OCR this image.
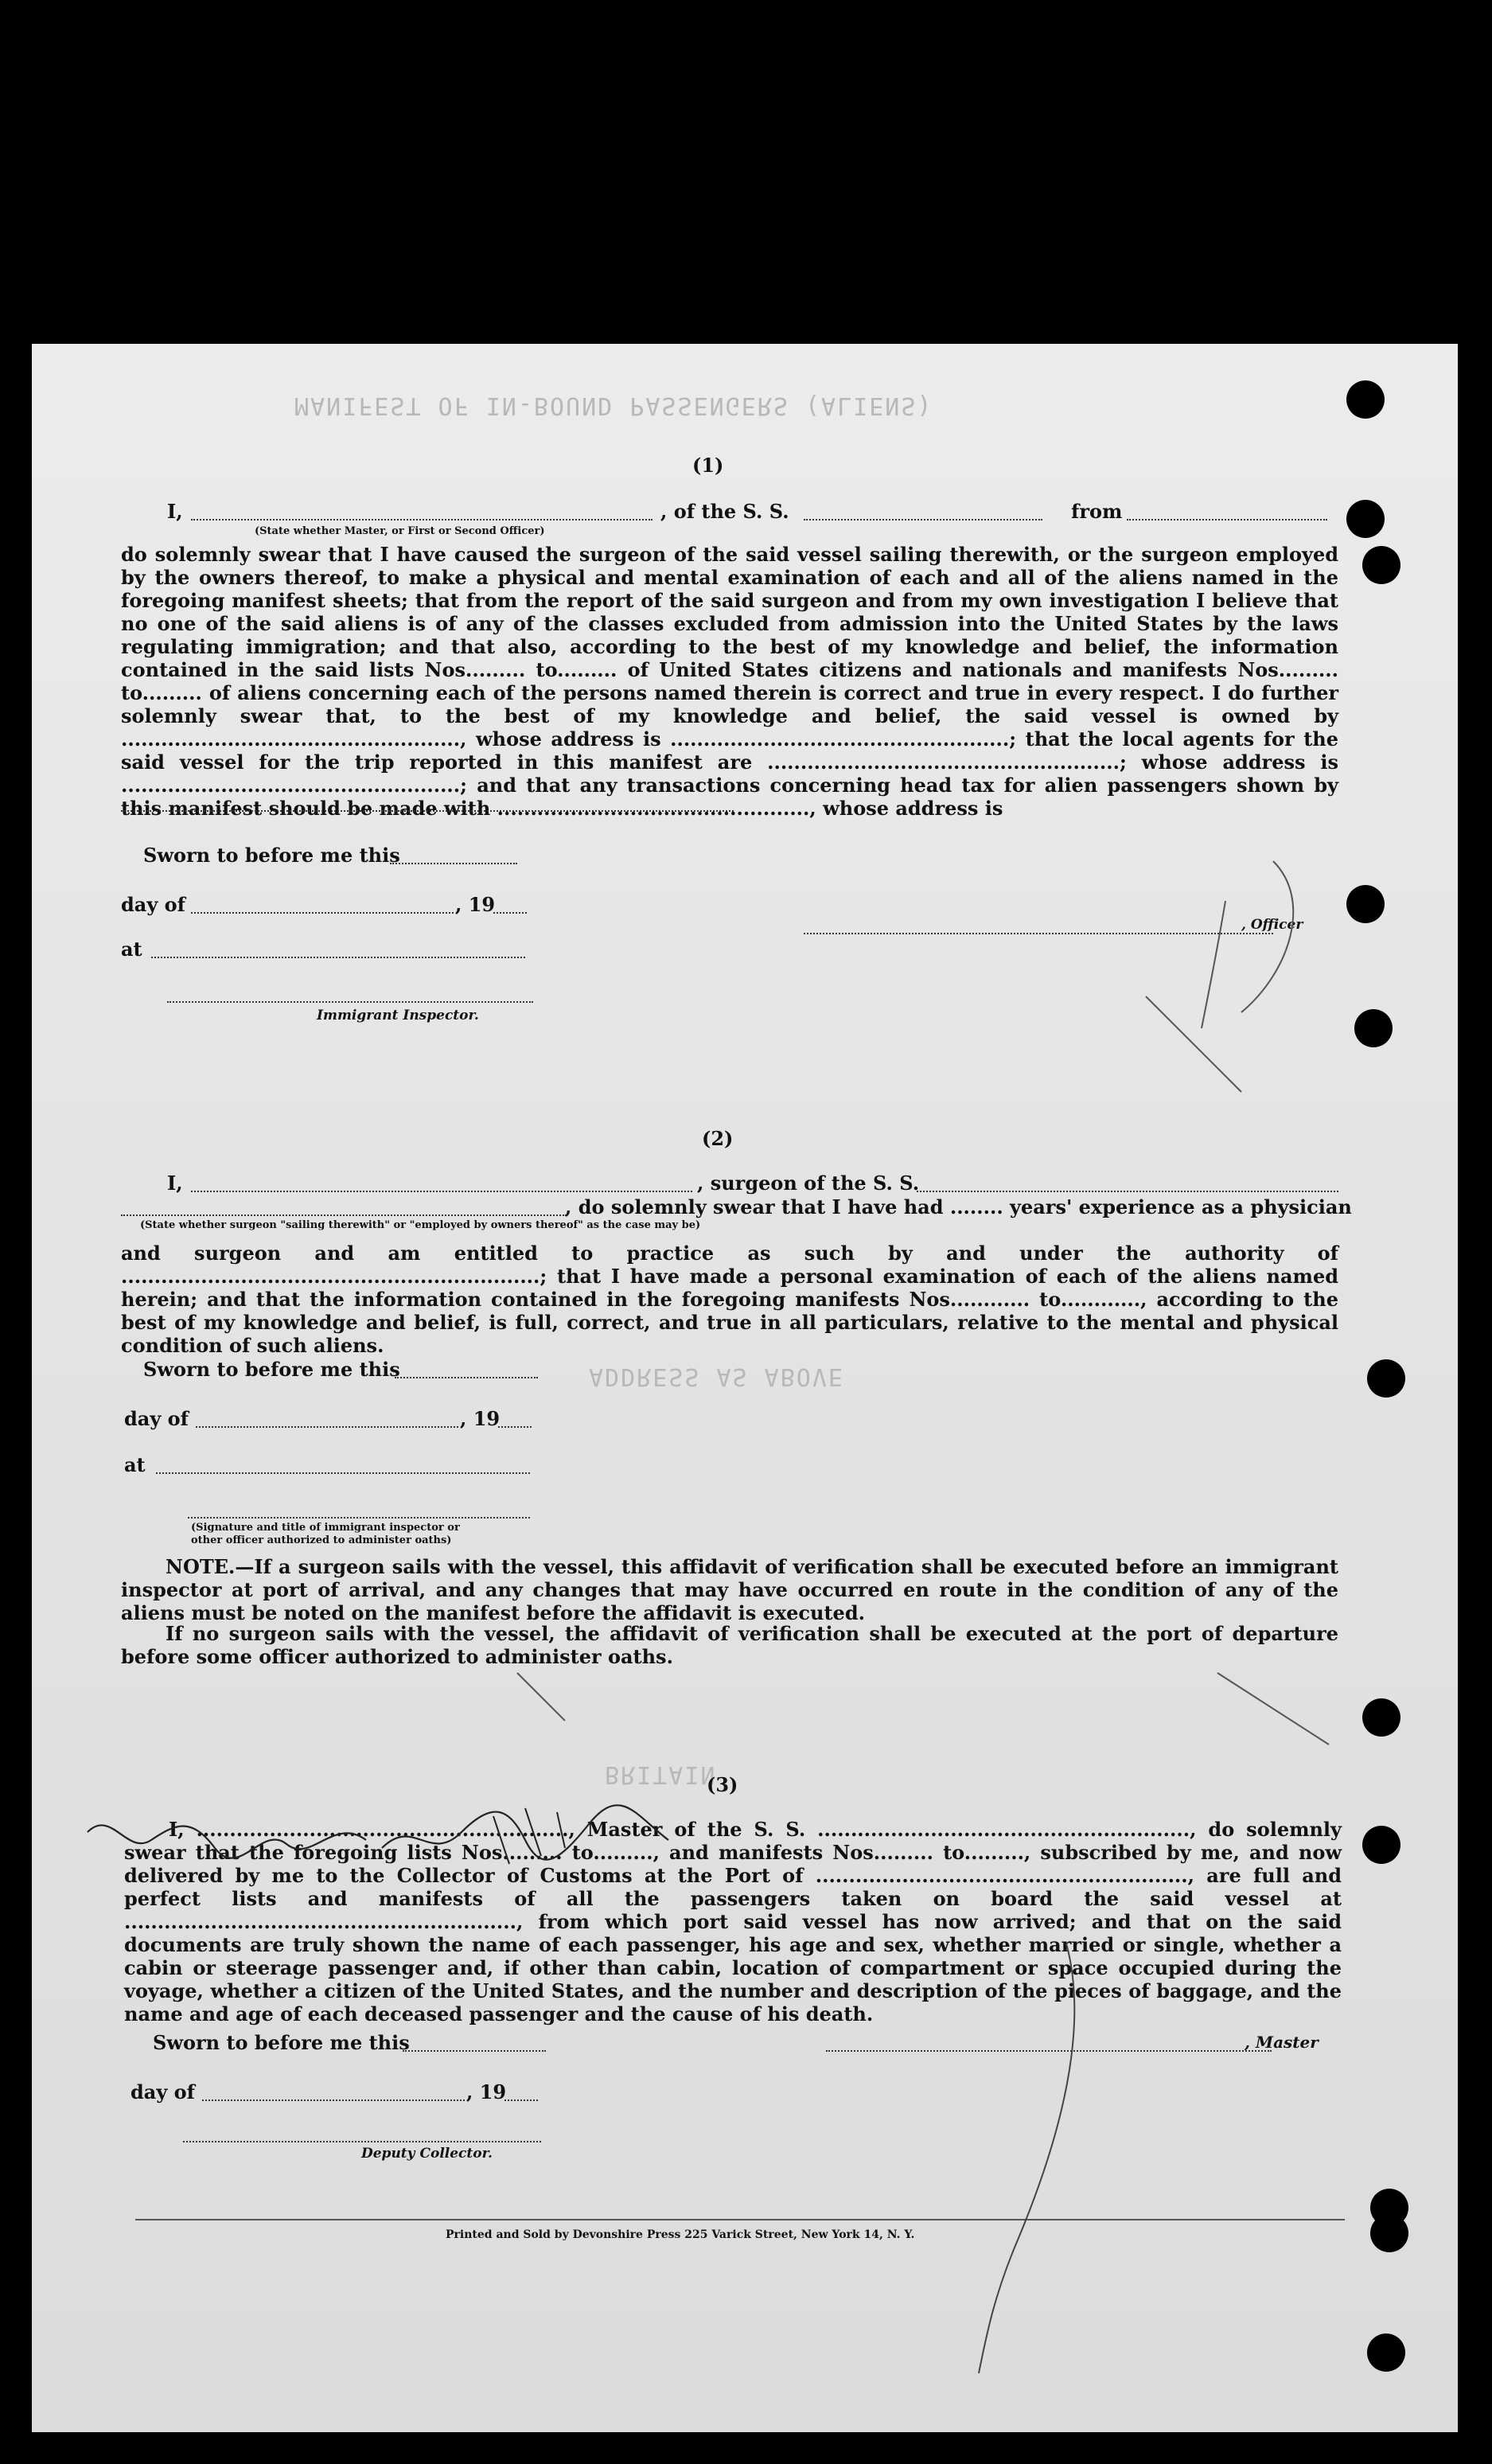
MANIFEST OF IN-BOUND PASSENGERS (ALIENS)
ADDRESS AS ABOVE
BRITAIN
(1)
I,	, of the S. S.	from
(State whether Master, or First or Second Officer)
do solemnly swear that I have caused the surgeon of the said vessel sailing therewith, or the surgeon employed by the owners thereof, to make a physical and mental examination of each and all of the aliens named in the foregoing manifest sheets; that from the report of the said surgeon and from my own investigation I believe that no one of the said aliens is of any of the classes excluded from admission into the United States by the laws regulating immigration; and that also, according to the best of my knowledge and belief, the information contained in the said lists Nos......... to......... of United States citizens and nationals and manifests Nos......... to......... of aliens concerning each of the persons named therein is correct and true in every respect. I do further solemnly swear that, to the best of my knowledge and belief, the said vessel is owned by ..................................................., whose address is ...................................................; that the local agents for the said vessel for the trip reported in this manifest are .....................................................; whose address is ...................................................; and that any transactions concerning head tax for alien passengers shown by this manifest should be made with ..............................................., whose address is
Sworn to before me this
day of	, 19
at
, Officer
Immigrant Inspector.
(2)
I,	, surgeon of the S. S.
(State whether surgeon "sailing therewith" or "employed by owners thereof" as the case may be)
, do solemnly swear that I have had ........ years' experience as a physician
and surgeon and am entitled to practice as such by and under the authority of ...............................................................; that I have made a personal examination of each of the aliens named herein; and that the information contained in the foregoing manifests Nos............ to............, according to the best of my knowledge and belief, is full, correct, and true in all particulars, relative to the mental and physical condition of such aliens.
Sworn to before me this
day of	, 19
at
(Signature and title of immigrant inspector or
other officer authorized to administer oaths)
NOTE.—If a surgeon sails with the vessel, this affidavit of verification shall be executed before an immigrant inspector at port of arrival, and any changes that may have occurred en route in the condition of any of the aliens must be noted on the manifest before the affidavit is executed.
If no surgeon sails with the vessel, the affidavit of verification shall be executed at the port of departure before some officer authorized to administer oaths.
(3)
I, ........................................................, Master of the S. S. ........................................................, do solemnly swear that the foregoing lists Nos......... to........., and manifests Nos......... to........., subscribed by me, and now delivered by me to the Collector of Customs at the Port of ........................................................, are full and perfect lists and manifests of all the passengers taken on board the said vessel at ..........................................................., from which port said vessel has now arrived; and that on the said documents are truly shown the name of each passenger, his age and sex, whether married or single, whether a cabin or steerage passenger and, if other than cabin, location of compartment or space occupied during the voyage, whether a citizen of the United States, and the number and description of the pieces of baggage, and the name and age of each deceased passenger and the cause of his death.
Sworn to before me this	, Master
day of	, 19
Deputy Collector.
Printed and Sold by Devonshire Press 225 Varick Street, New York 14, N. Y.
